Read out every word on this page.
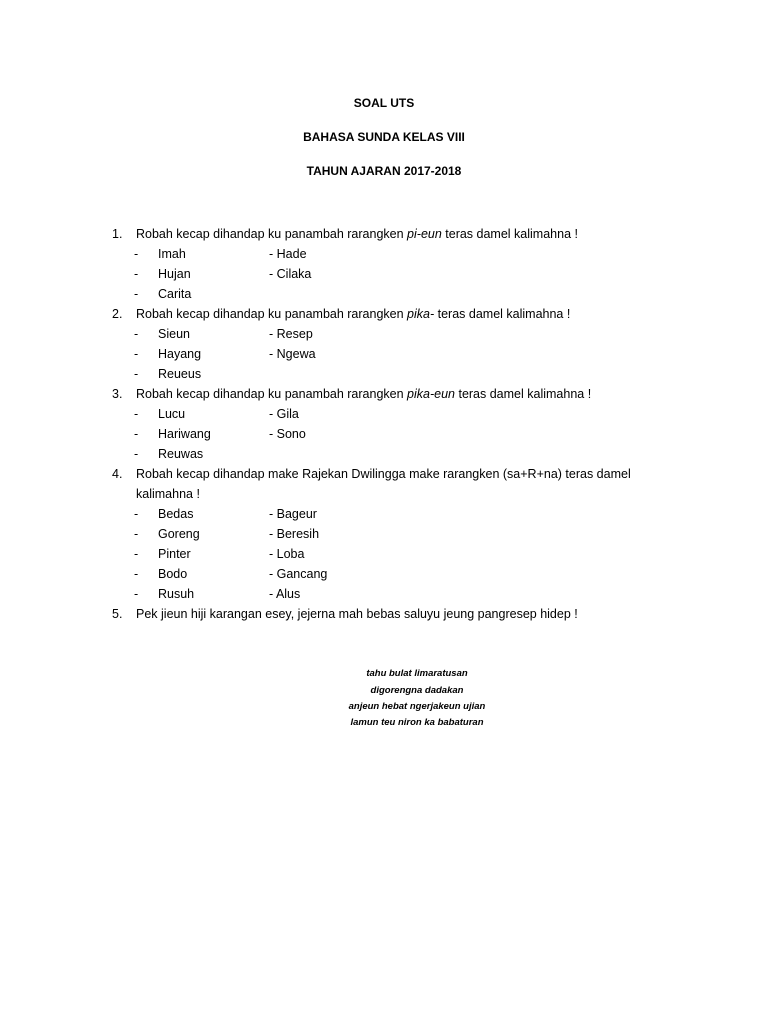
SOAL UTS
BAHASA SUNDA KELAS VIII
TAHUN AJARAN 2017-2018
1. Robah kecap dihandap ku panambah rarangken pi-eun teras damel kalimahna !
- Imah	- Hade
- Hujan	- Cilaka
- Carita
2. Robah kecap dihandap ku panambah rarangken pika- teras damel kalimahna !
- Sieun	- Resep
- Hayang	- Ngewa
- Reueus
3. Robah kecap dihandap ku panambah rarangken pika-eun teras damel kalimahna !
- Lucu	- Gila
- Hariwang	- Sono
- Reuwas
4. Robah kecap dihandap make Rajekan Dwilingga make rarangken (sa+R+na) teras damel
kalimahna !
- Bedas	- Bageur
- Goreng	- Beresih
- Pinter	- Loba
- Bodo	- Gancang
- Rusuh	- Alus
5. Pek jieun hiji karangan esey, jejerna mah bebas saluyu jeung pangresep hidep !
tahu bulat limaratusan
digorengna dadakan
anjeun hebat ngerjakeun ujian
lamun teu niron ka babaturan
